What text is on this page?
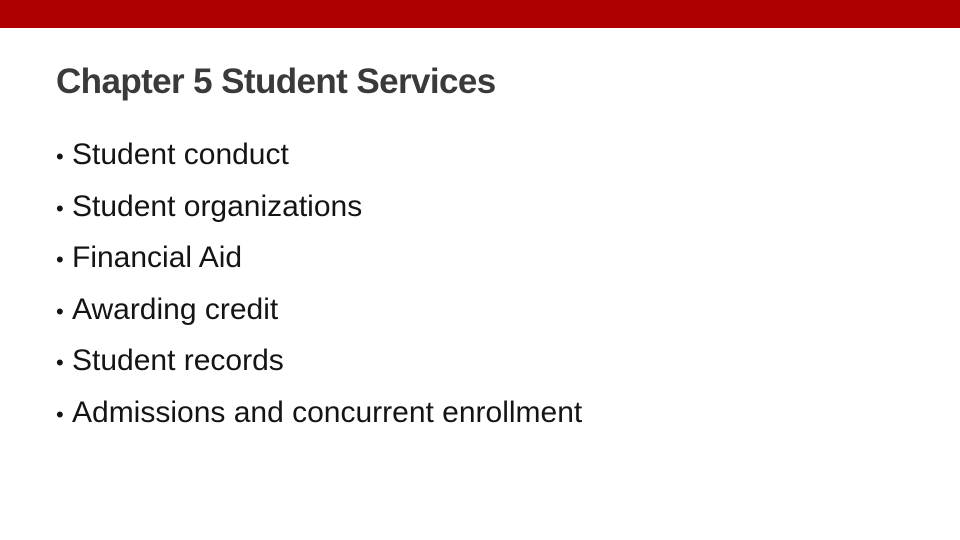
Chapter 5 Student Services
• Student conduct
• Student organizations
• Financial Aid
• Awarding credit
• Student records
• Admissions and concurrent enrollment
